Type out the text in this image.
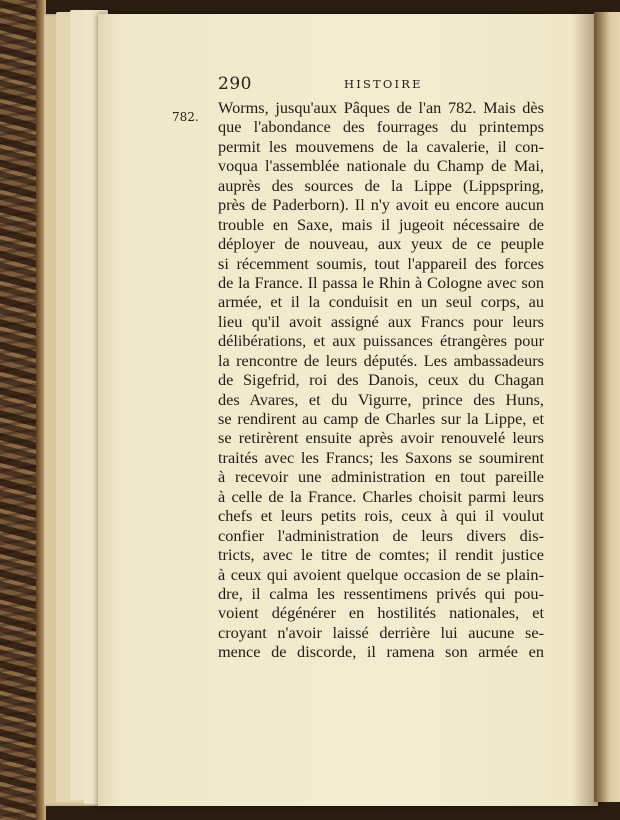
290	HISTOIRE
782. Worms, jusqu'aux Pâques de l'an 782. Mais dès
que l'abondance des fourrages du printemps
permit les mouvemens de la cavalerie, il con-
voqua l'assemblée nationale du Champ de Mai,
auprès des sources de la Lippe (Lippspring,
près de Paderborn). Il n'y avoit eu encore aucun
trouble en Saxe, mais il jugeoit nécessaire de
déployer de nouveau, aux yeux de ce peuple
si récemment soumis, tout l'appareil des forces
de la France. Il passa le Rhin à Cologne avec son
armée, et il la conduisit en un seul corps, au
lieu qu'il avoit assigné aux Francs pour leurs
délibérations, et aux puissances étrangères pour
la rencontre de leurs députés. Les ambassadeurs
de Sigefrid, roi des Danois, ceux du Chagan
des Avares, et du Vigurre, prince des Huns,
se rendirent au camp de Charles sur la Lippe, et
se retirèrent ensuite après avoir renouvelé leurs
traités avec les Francs; les Saxons se soumirent
à recevoir une administration en tout pareille
à celle de la France. Charles choisit parmi leurs
chefs et leurs petits rois, ceux à qui il voulut
confier l'administration de leurs divers dis-
tricts, avec le titre de comtes; il rendit justice
à ceux qui avoient quelque occasion de se plain-
dre, il calma les ressentimens privés qui pou-
voient dégénérer en hostilités nationales, et
croyant n'avoir laissé derrière lui aucune se-
mence de discorde, il ramena son armée en
